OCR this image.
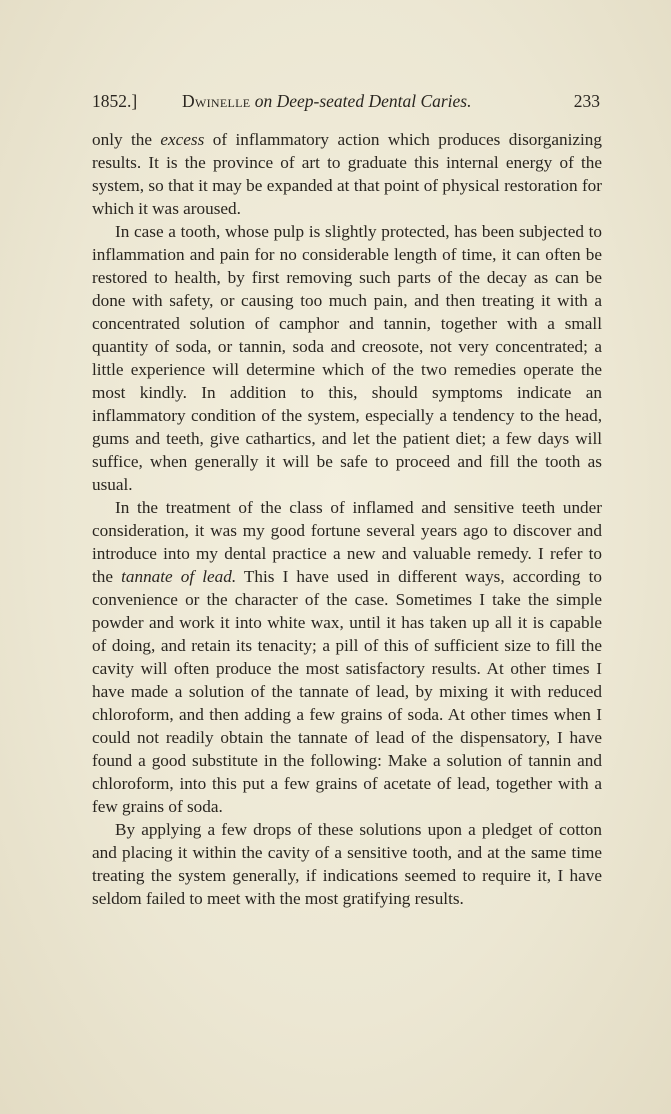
1852.]	Dwinelle on Deep-seated Dental Caries.	233

only the excess of inflammatory action which produces disorganizing results. It is the province of art to graduate this internal energy of the system, so that it may be expanded at that point of physical restoration for which it was aroused.

In case a tooth, whose pulp is slightly protected, has been subjected to inflammation and pain for no considerable length of time, it can often be restored to health, by first removing such parts of the decay as can be done with safety, or causing too much pain, and then treating it with a concentrated solution of camphor and tannin, together with a small quantity of soda, or tannin, soda and creosote, not very concentrated; a little experience will determine which of the two remedies operate the most kindly. In addition to this, should symptoms indicate an inflammatory condition of the system, especially a tendency to the head, gums and teeth, give cathartics, and let the patient diet; a few days will suffice, when generally it will be safe to proceed and fill the tooth as usual.

In the treatment of the class of inflamed and sensitive teeth under consideration, it was my good fortune several years ago to discover and introduce into my dental practice a new and valuable remedy. I refer to the tannate of lead. This I have used in different ways, according to convenience or the character of the case. Sometimes I take the simple powder and work it into white wax, until it has taken up all it is capable of doing, and retain its tenacity; a pill of this of sufficient size to fill the cavity will often produce the most satisfactory results. At other times I have made a solution of the tannate of lead, by mixing it with reduced chloroform, and then adding a few grains of soda. At other times when I could not readily obtain the tannate of lead of the dispensatory, I have found a good substitute in the following: Make a solution of tannin and chloroform, into this put a few grains of acetate of lead, together with a few grains of soda.

By applying a few drops of these solutions upon a pledget of cotton and placing it within the cavity of a sensitive tooth, and at the same time treating the system generally, if indications seemed to require it, I have seldom failed to meet with the most gratifying results.
